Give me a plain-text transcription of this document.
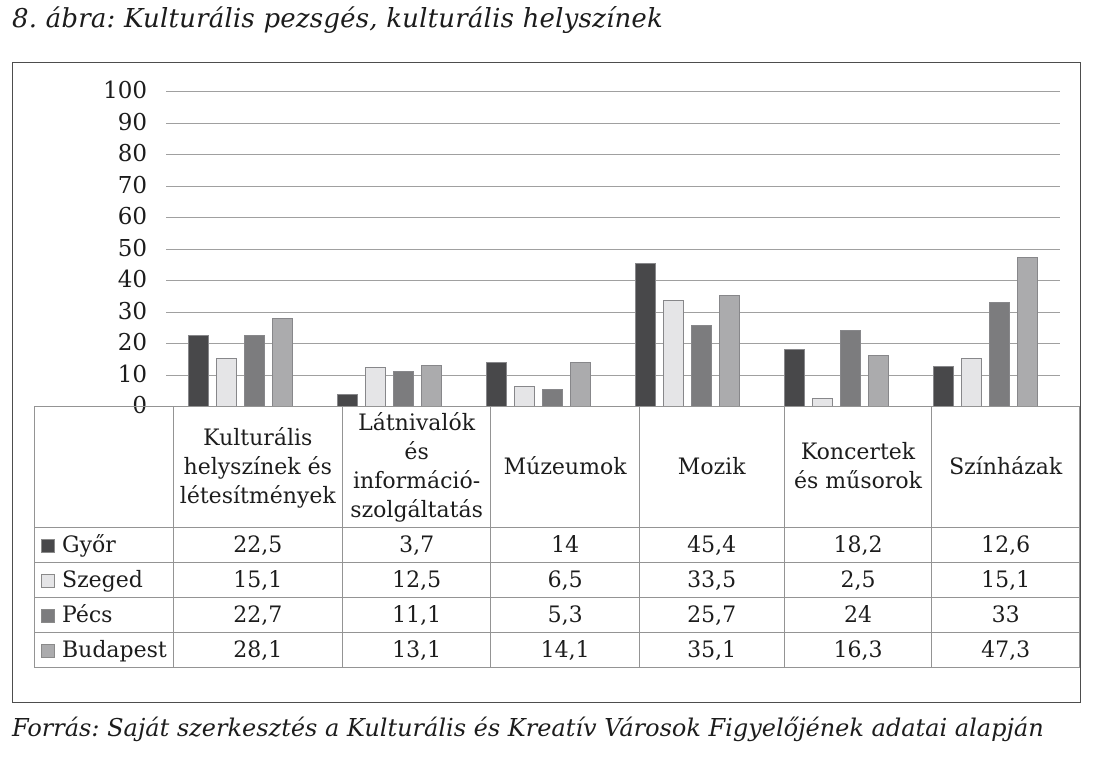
8. ábra: Kulturális pezsgés, kulturális helyszínek
0
10
20
30
40
50
60
70
80
90
100
	Kulturális helyszínek és létesítmények	Látnivalók és információ-szolgáltatás	Múzeumok	Mozik	Koncertek és műsorok	Színházak
Győr	22,5	3,7	14	45,4	18,2	12,6
Szeged	15,1	12,5	6,5	33,5	2,5	15,1
Pécs	22,7	11,1	5,3	25,7	24	33
Budapest	28,1	13,1	14,1	35,1	16,3	47,3
Forrás: Saját szerkesztés a Kulturális és Kreatív Városok Figyelőjének adatai alapján
